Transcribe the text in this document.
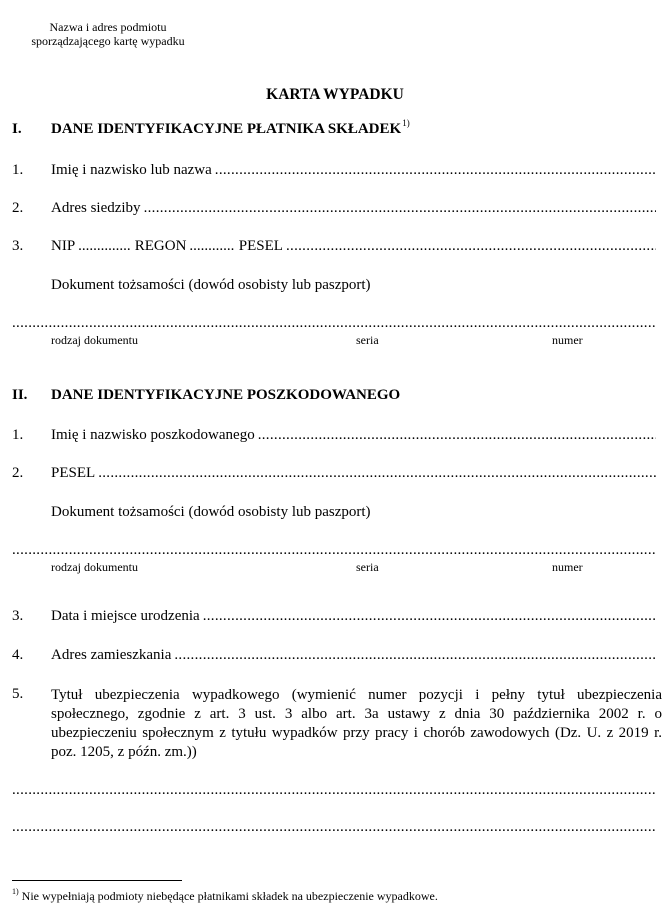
Nazwa i adres podmiotu
sporządzającego kartę wypadku
KARTA WYPADKU
I. DANE IDENTYFIKACYJNE PŁATNIKA SKŁADEK$^{1)}$
1.	Imię i nazwisko lub nazwa
.....
2.	Adres siedziby
.....
3.	NIP .....	REGON .....	PESEL
.....
Dokument tożsamości (dowód osobisty lub paszport)
.....
rodzaj dokumentu	seria	numer
II. DANE IDENTYFIKACYJNE POSZKODOWANEGO
1.	Imię i nazwisko poszkodowanego
.....
2.	PESEL
.....
Dokument tożsamości (dowód osobisty lub paszport)
.....
rodzaj dokumentu	seria	numer
3.	Data i miejsce urodzenia
.....
4.	Adres zamieszkania
.....
5. Tytuł ubezpieczenia wypadkowego (wymienić numer pozycji i pełny tytuł ubezpieczenia społecznego, zgodnie z art. 3 ust. 3 albo art. 3a ustawy z dnia 30 października 2002 r. o ubezpieczeniu społecznym z tytułu wypadków przy pracy i chorób zawodowych (Dz. U. z 2019 r. poz. 1205, z późn. zm.))
.....
.....
$^{1)}$ Nie wypełniają podmioty niebędące płatnikami składek na ubezpieczenie wypadkowe.
